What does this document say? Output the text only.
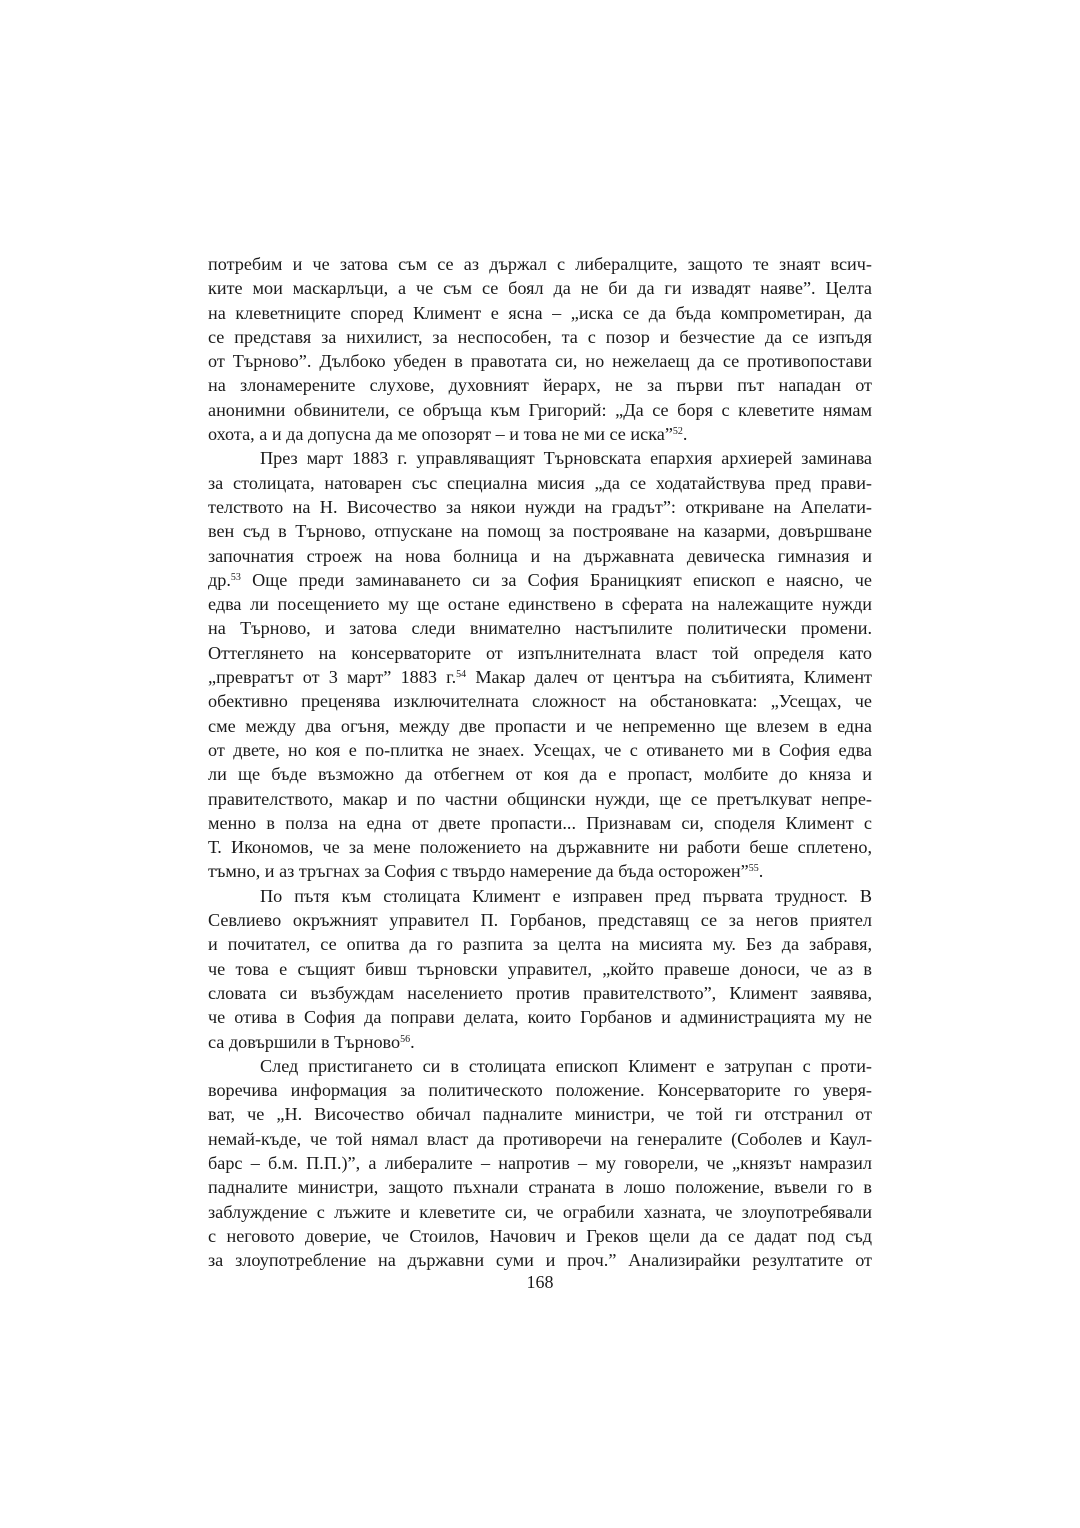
потребим и че затова съм се аз държал с либералците, защото те знаят всич-
ките мои маскарлъци, а че съм се боял да не би да ги извадят наяве”. Целта
на клеветниците според Климент е ясна – „иска се да бъда компрометиран, да
се представя за нихилист, за неспособен, та с позор и безчестие да се изпъдя
от Търново”. Дълбоко убеден в правотата си, но нежелаещ да се противопостави
на злонамерените слухове, духовният йерарх, не за първи път нападан от
анонимни обвинители, се обръща към Григорий: „Да се боря с клеветите нямам
охота, а и да допусна да ме опозорят – и това не ми се иска”$^{52}$.
През март 1883 г. управляващият Търновската епархия архиерей заминава
за столицата, натоварен със специална мисия „да се ходатайствува пред прави-
телството на Н. Височество за някои нужди на градът”: откриване на Апелати-
вен съд в Търново, отпускане на помощ за построяване на казарми, довършване
започнатия строеж на нова болница и на държавната девическа гимназия и
др.$^{53}$ Още преди заминаването си за София Браницкият епископ е наясно, че
едва ли посещението му ще остане единствено в сферата на належащите нужди
на Търново, и затова следи внимателно настъпилите политически промени.
Оттеглянето на консерваторите от изпълнителната власт той определя като
„превратът от 3 март” 1883 г.$^{54}$ Макар далеч от центъра на събитията, Климент
обективно преценява изключителната сложност на обстановката: „Усещах, че
сме между два огъня, между две пропасти и че непременно ще влезем в една
от двете, но коя е по-плитка не знаех. Усещах, че с отиването ми в София едва
ли ще бъде възможно да отбегнем от коя да е пропаст, молбите до княза и
правителството, макар и по частни общински нужди, ще се претълкуват непре-
менно в полза на една от двете пропасти... Признавам си, споделя Климент с
Т. Икономов, че за мене положението на държавните ни работи беше сплетено,
тъмно, и аз тръгнах за София с твърдо намерение да бъда осторожен”$^{55}$.
По пътя към столицата Климент е изправен пред първата трудност. В
Севлиево окръжният управител П. Горбанов, представящ се за негов приятел
и почитател, се опитва да го разпита за целта на мисията му. Без да забравя,
че това е същият бивш търновски управител, „който правеше доноси, че аз в
словата си възбуждам населението против правителството”, Климент заявява,
че отива в София да поправи делата, които Горбанов и администрацията му не
са довършили в Търново$^{56}$.
След пристигането си в столицата епископ Климент е затрупан с проти-
воречива информация за политическото положение. Консерваторите го уверя-
ват, че „Н. Височество обичал падналите министри, че той ги отстранил от
немай-къде, че той нямал власт да противоречи на генералите (Соболев и Каул-
барс – б.м. П.П.)”, а либералите – напротив – му говорели, че „князът намразил
падналите министри, защото пъхнали страната в лошо положение, въвели го в
заблуждение с лъжите и клеветите си, че ограбили хазната, че злоупотребявали
с неговото доверие, че Стоилов, Начович и Греков щели да се дадат под съд
за злоупотребление на държавни суми и проч.” Анализирайки резултатите от
168
